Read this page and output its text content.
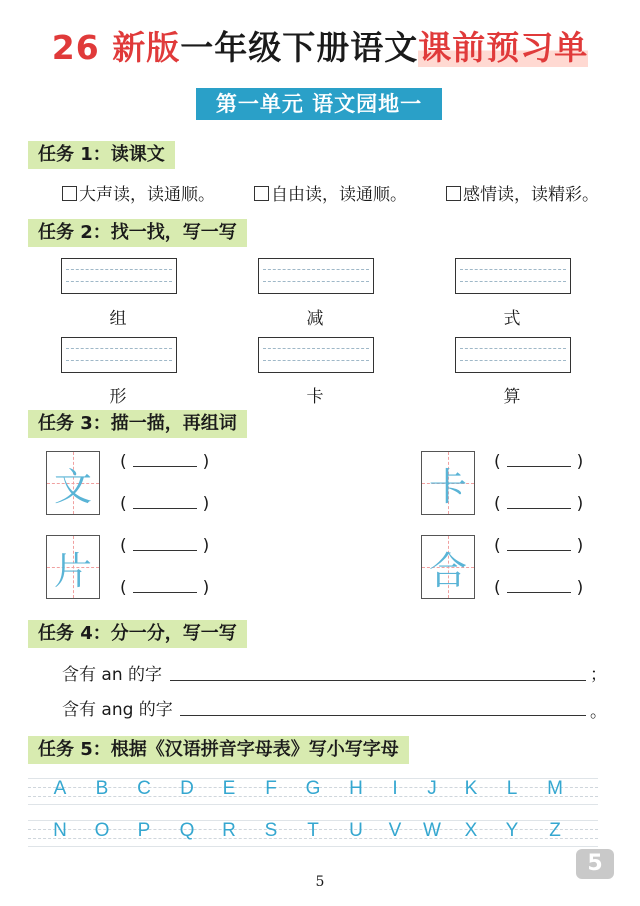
26 新版一年级下册语文课前预习单
第一单元 语文园地一
任务 1：读课文
大声读，读通顺。	自由读，读通顺。	感情读，读精彩。
任务 2：找一找，写一写
组	减	式
形	卡	算
任务 3：描一描，再组词
文
片
卡
合
(	)
(	)
(	)
(	)
(	)
(	)
(	)
(	)
任务 4：分一分，写一写
含有 an 的字	；
含有 ang 的字	。
任务 5：根据《汉语拼音字母表》写小写字母
A	B	C	D	E	F	G	H	I	J	K	L	M
N	O	P	Q	R	S	T	U	V	W	X	Y	Z
5
5
